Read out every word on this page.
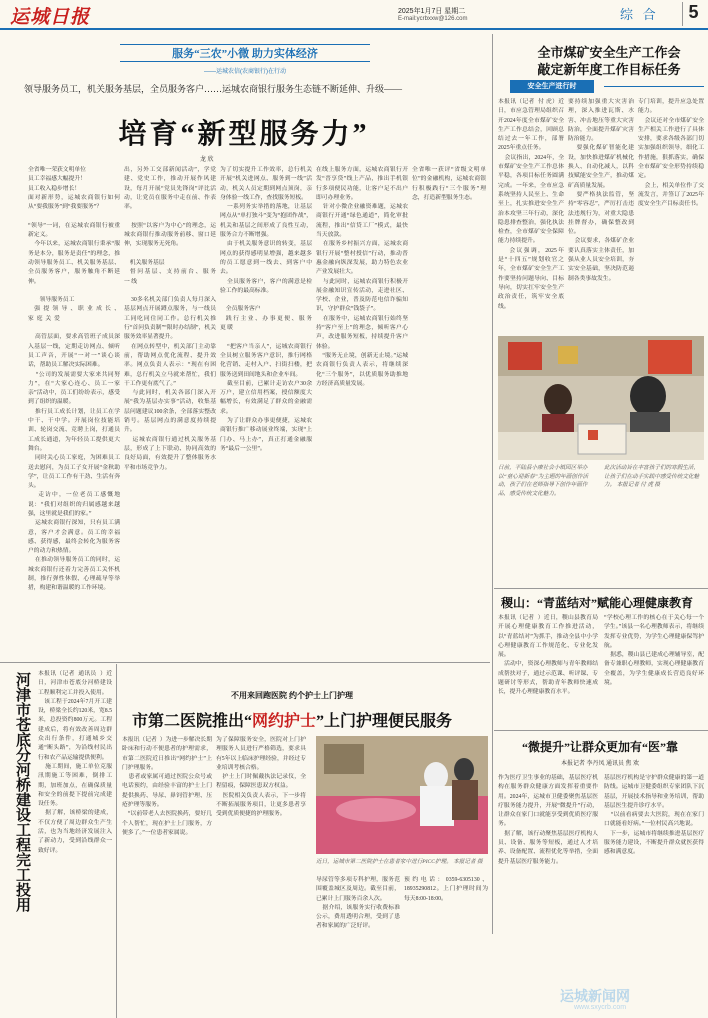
运城日报	2025年1月7日 星期二
E-mail:ycrbxxw@126.com	综 合	5
服务“三农”小微 助力实体经济
——运城农信(农商银行)在行动
领导服务员工，机关服务基层，全员服务客户……运城农商银行服务生态链不断延伸、升级——
培育“新型服务力”
龙 欣
全省唯一荣获文明单位
员工幸福感大幅提升！
员工收入稳步增长！
面对新形势，运城农商银行如何从“要我服务”到“我要服务”？

“领导”一词，在运城农商银行被重新定义。
今年以来，运城农商银行秉承“服务是本分，服务是责任”的理念，推动领导服务员工、机关服务基层、全员服务客户，服务触角不断延伸。

领导服务员工
强  提  领  导  、 职  业  成  长  、 家  庭  关  爱

高管层面，要求高管班子成员深入基层一线，定期走访网点、倾听员工声音，开展“一对一”谈心谈话，帮助员工解决实际困难。
“公司的发展需要大家来共同努力”，在“大家心连心、员工一家亲”活动中，员工们纷纷表示，感受到了组织的温暖。
推行员工成长计划，让员工在学中干、干中学。开展岗位技能培训、轮岗交流、竞聘上岗，打通员工成长通道，为年轻员工提供更大舞台。
同时关心员工家庭，为困难员工送去慰问，为员工子女开展“金秋助学”，让员工工作有干劲、生活有奔头。
走访中，一位老员工感慨地说：“我们对组织的归属感越来越强，这里就是我们的家。”
运城农商银行深知，只有员工满意，客户才会满意。员工的幸福感、获得感，最终会转化为服务客户的动力和热情。
在推动领导服务员工的同时，运城农商银行还着力完善员工关怀机制，推行弹性休假、心理疏导等举措，构建和谐温暖的工作环境。
出，另外工交部新闻活动”，学党建、党史工作，推动开展作风建设，每月开展“党员先锋岗”评比活动，让党员在服务中走在前、作表率。

按照“以客户为中心”的理念，运城农商银行推动服务前移、窗口延伸，实现服务无死角。

机关服务基层
督 问 基 层 、 支 持 前 台 、 服 务 一 线

30多名机关部门负责人每月深入基层网点开展蹲点服务，与一线员工同吃同住同工作。总行机关推行“首问负责制”“限时办结制”，机关服务效率显著提升。
在网点转型中，机关部门主动靠前，帮助网点优化流程、提升效率。网点负责人表示：“现在有困难，总行机关立马就来帮忙，我们干工作更有底气了。”
与此同时，机关各部门深入开展“我为基层办实事”活动，收集基层问题建议100余条，全部落实整改销号。基层网点的满意度持续提升。
运城农商银行通过机关服务基层，形成了上下联动、协同高效的良好局面，有效提升了整体服务水平和市场竞争力。
为了切实提升工作效率，总行机关开展“机关进网点、服务到一线”活动，机关人员定期到网点顶岗，亲身体验一线工作，查找服务短板。
一系列务实举措的落地，让基层网点从“单打独斗”变为“抱团作战”，机关和基层之间形成了良性互动，服务合力不断增强。
由于机关服务意识的转变，基层网点的获得感明显增强，越来越多的员工愿意到一线去、到客户中去。
全员服务客户，客户的满意是检验工作的最高标准。

全员服务客户
践 行 主 业 、 办 事 更 便 、 服 务 更 暖

“把客户当亲人”，运城农商银行全员树立服务客户意识，推行网格化营销、走村入户、扫街扫楼，把服务送到田间地头和企业车间。
截至目前，已累计走访农户30余万户，建立信用档案，授信额度大幅增长，有效满足了群众的金融需求。
为了让群众办事更便捷，运城农商银行推广移动展业终端，实现“上门办、马上办”，真正打通金融服务“最后一公里”。
在线上服务方面，运城农商银行开发“晋享贷”线上产品，推出手机银行多项便民功能，让客户足不出户即可办理业务。
针对小微企业融资难题，运城农商银行开通“绿色通道”，简化审批流程，推出“信贷工厂”模式，最快当天放款。
在服务乡村振兴方面，运城农商银行开展“整村授信”行动，推动普惠金融向纵深发展，助力特色农业产业发展壮大。
与此同时，运城农商银行积极开展金融知识宣传活动，走进社区、学校、企业，普及防范电信诈骗知识，守护群众“钱袋子”。
在服务中，运城农商银行始终坚持“客户至上”的理念，倾听客户心声，改进服务短板，持续提升客户体验。
“服务无止境，创新无止境。”运城农商银行负责人表示，将继续深化“三个服务”，以优质服务助推地方经济高质量发展。
全省唯一获评“省级文明单位”的金融机构，运城农商银行积极践行“三个服务”理念，打造新型服务生态。
全市煤矿安全生产工作会
敲定新年度工作目标任务
安全生产进行时
本报讯（记者  付 虎）近日，市应急管理局组织召开2024年度全市煤矿安全生产工作总结会，回顾总结过去一年工作，部署2025年重点任务。
会议指出，2024年，全市煤矿安全生产工作总体平稳，各项目标任务圆满完成。一年来，全市应急系统坚持人民至上、生命至上，扎实推进安全生产治本攻坚三年行动，深化隐患排查整治，强化执法检查，全市煤矿安全保障能力持续提升。
会议强调，2025年是“十四五”规划收官之年，全市煤矿安全生产工作要坚持问题导向、目标导向，切实扛牢安全生产政治责任，筑牢安全底线。
要持续加强重大灾害治理，深入推进瓦斯、水害、冲击地压等重大灾害防治，全面提升煤矿灾害防治能力。
要强化煤矿智能化建设，加快推进煤矿机械化换人、自动化减人，以科技赋能安全生产，推动煤矿高质量发展。
要严格执法监管，坚持“零容忍”，严厉打击违法违规行为，对重大隐患挂牌督办，确保整改到位。
会议要求，各煤矿企业要认真落实主体责任，加强从业人员安全培训，夯实安全基础，坚决防范遏制各类事故发生。
专门培训，提升应急处置能力。
会议还对全市煤矿安全生产相关工作进行了具体安排，要求各级各部门切实加强组织领导，细化工作措施，狠抓落实，确保全市煤矿安全形势持续稳定。
会上，相关单位作了交流发言，并签订了2025年度安全生产目标责任书。
日前，平陆县小康社会小镇园区举办以“童心迎新春”为主题的年画创作活动，孩子们在老师指导下创作年画作品，感受传统文化魅力。
此次活动旨在丰富孩子们的寒假生活，让孩子们在动手实践中感受传统文化魅力。 本报记者 付 虎 摄
稷山：“青蓝结对”赋能心理健康教育
本报讯（记者  ）近日，稷山县教育局开展心理健康教育工作推进活动，以“青蓝结对”为抓手，推动全县中小学心理健康教育工作规范化、专业化发展。
活动中，资深心理教师与青年教师结成帮扶对子，通过示范课、听评课、专题研讨等形式，帮助青年教师快速成长，提升心理健康教育水平。
“学校心理工作的核心在于关心每一个学生。”该县一名心理教师表示，将继续发挥专业优势，为学生心理健康保驾护航。
据悉，稷山县已建成心理辅导室，配备专兼职心理教师，实现心理健康教育全覆盖，为学生健康成长营造良好环境。
河津市苍底分河桥建设工程完工投用 本报讯（记者  通讯员  ）近日，河津市苍底分河桥建设工程顺利完工并投入使用。
该工程于2024年7月开工建设，桥梁全长约120米，宽8.5米，总投资约800万元。工程建成后，将有效改善周边群众出行条件，打通城乡交通“断头路”，为沿线村民出行和农产品运输提供便利。
施工期间，施工单位克服汛期施工等困难，倒排工期，加班加点，在确保质量和安全的前提下提前完成建设任务。
据了解，该桥梁的建成，不仅方便了周边群众生产生活，也为当地经济发展注入了新动力，受到沿线群众一致好评。
不用来回跑医院 约个护士上门护理
市第二医院推出“网约护士”上门护理便民服务
本报讯（记者  ）为进一步解决长期卧床和行动不便患者的护理需求，市第二医院近日推出“网约护士”上门护理服务。
患者或家属可通过医院公众号或电话预约，由经验丰富的护士上门提供换药、导尿、鼻饲管护理、压疮护理等服务。
“以前带老人去医院换药，要好几个人帮忙，现在护士上门服务，方便多了。”一位患者家属说。
为了保障服务安全，医院对上门护理服务人员进行严格筛选，要求具有5年以上临床护理经验，并经过专业培训考核合格。
护士上门时佩戴执法记录仪，全程留痕，保障医患双方权益。
医院相关负责人表示，下一步将不断拓展服务项目，让更多患者享受到优质便捷的护理服务。
近日，运城市第二医院护士在患者家中进行PICC护理。 本报记者 摄
导尿管等多项专科护理，服务范围覆盖城区及周边。截至目前，已累计上门服务百余人次。
据介绍，该服务实行收费标准公示，费用透明合理，受到了患者和家属的广泛好评。
预约电话：0359-6305130、18935290812。上门护理时间为每天8:00-18:00。
“微提升”让群众更加有“医”靠
本报记者 李丹凤 通讯员 焦 欢
作为医疗卫生事业的基础，基层医疗机构在服务群众健康方面发挥着重要作用。2024年，运城市卫健委聚焦基层医疗服务能力提升，开展“微提升”行动，让群众在家门口就能享受到优质医疗服务。
据了解，该行动聚焦基层医疗机构人员、设备、服务等短板，通过人才培养、设备配置、流程优化等举措，全面提升基层医疗服务能力。
基层医疗机构是守护群众健康的第一道防线。运城市卫健委组织专家团队下沉基层，开展技术指导和业务培训，帮助基层医生提升诊疗水平。
“以前看病要去大医院，现在在家门口就能看好病。”一位村民高兴地说。
下一步，运城市将继续推进基层医疗服务能力建设，不断提升群众就医获得感和满意度。
运城新闻网
www.sxycrb.com
